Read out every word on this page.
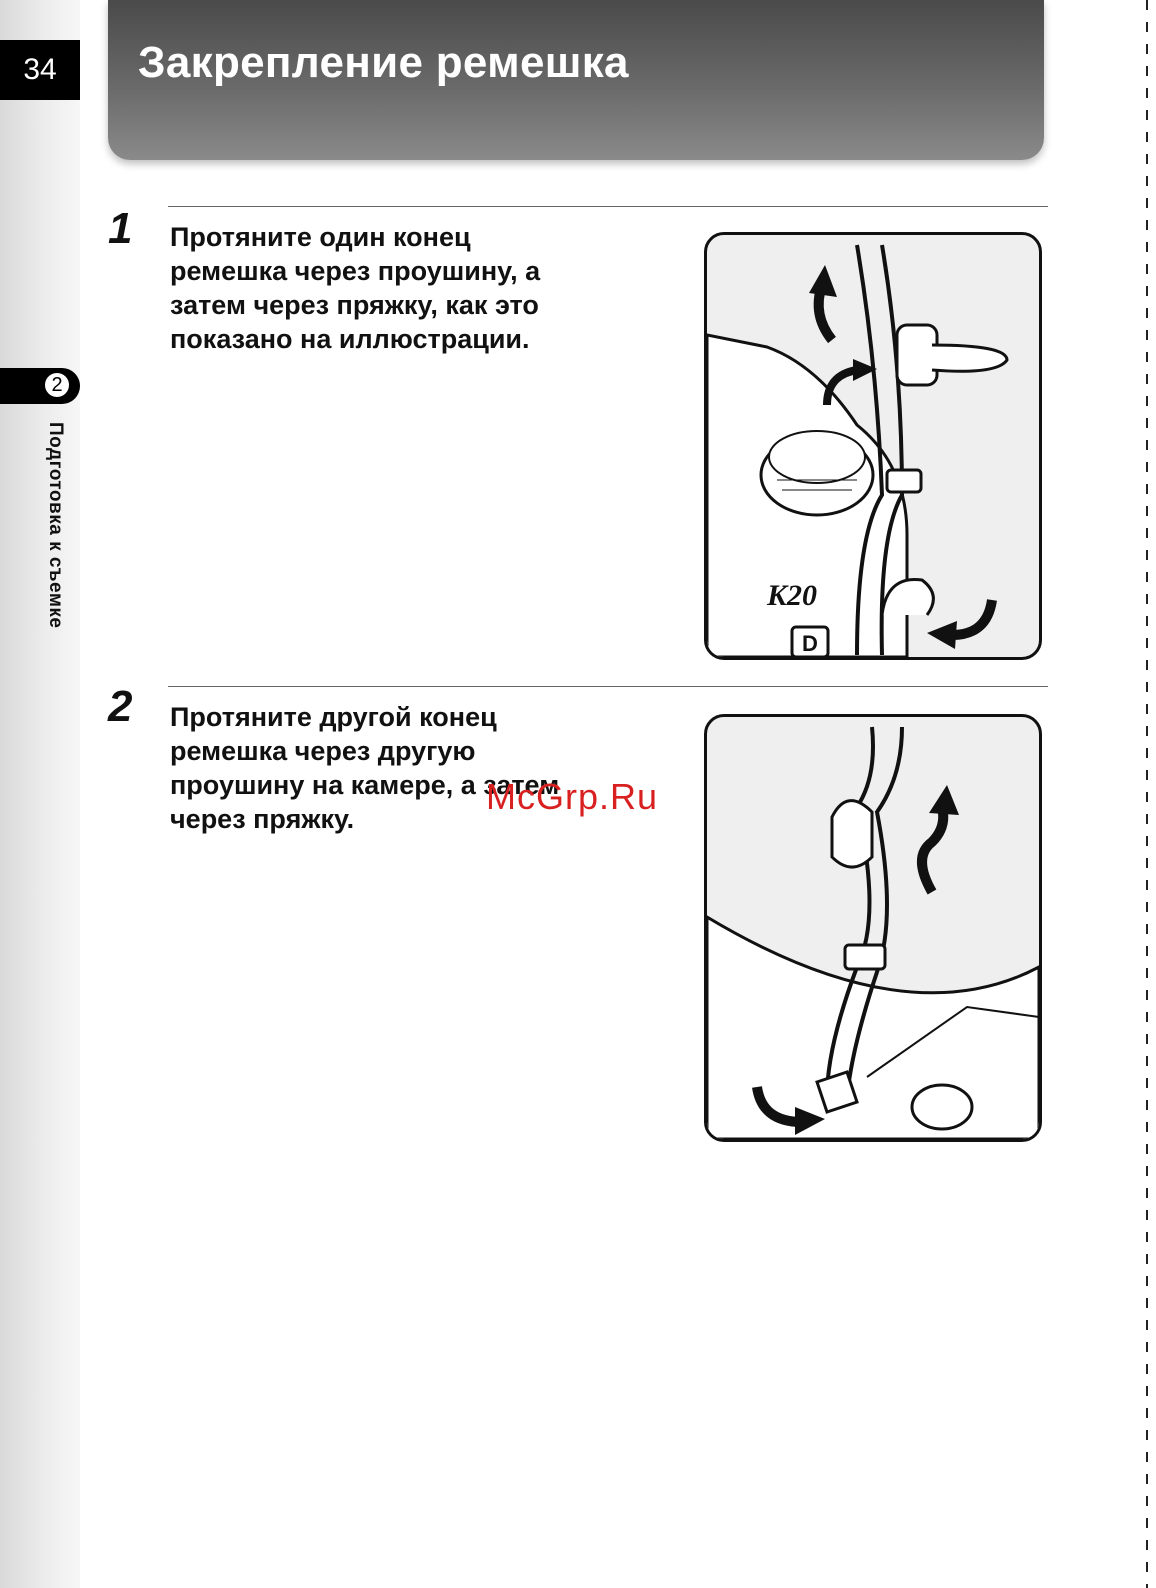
34
2
Подготовка к съемке
Закрепление ремешка
1 Протяните один конец ремешка через проушину, а затем через пряжку, как это показано на иллюстрации.

K20
D
2 Протяните другой конец ремешка через другую проушину на камере, а затем через пряжку.

McGrp.Ru
